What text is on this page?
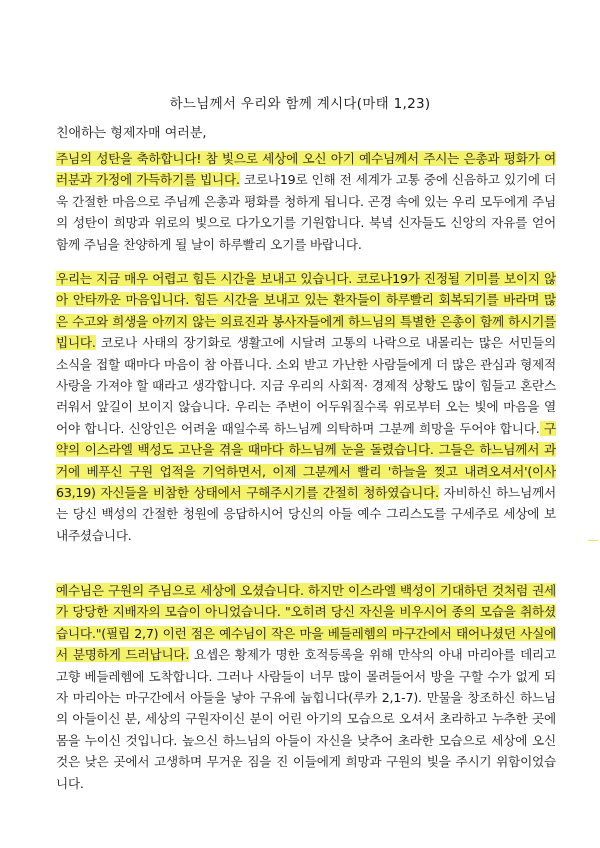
하느님께서 우리와 함께 계시다(마태 1,23)
친애하는 형제자매 여러분,
주님의 성탄을 축하합니다! 참 빛으로 세상에 오신 아기 예수님께서 주시는 은총과 평화가 여러분과 가정에 가득하기를 빕니다. 코로나19로 인해 전 세계가 고통 중에 신음하고 있기에 더욱 간절한 마음으로 주님께 은총과 평화를 청하게 됩니다. 곤경 속에 있는 우리 모두에게 주님의 성탄이 희망과 위로의 빛으로 다가오기를 기원합니다. 북녘 신자들도 신앙의 자유를 얻어 함께 주님을 찬양하게 될 날이 하루빨리 오기를 바랍니다.
우리는 지금 매우 어렵고 힘든 시간을 보내고 있습니다. 코로나19가 진정될 기미를 보이지 않아 안타까운 마음입니다. 힘든 시간을 보내고 있는 환자들이 하루빨리 회복되기를 바라며 많은 수고와 희생을 아끼지 않는 의료진과 봉사자들에게 하느님의 특별한 은총이 함께 하시기를 빕니다. 코로나 사태의 장기화로 생활고에 시달려 고통의 나락으로 내몰리는 많은 서민들의 소식을 접할 때마다 마음이 참 아픕니다. 소외 받고 가난한 사람들에게 더 많은 관심과 형제적 사랑을 가져야 할 때라고 생각합니다. 지금 우리의 사회적· 경제적 상황도 많이 힘들고 혼란스러워서 앞길이 보이지 않습니다. 우리는 주변이 어두워질수록 위로부터 오는 빛에 마음을 열어야 합니다. 신앙인은 어려울 때일수록 하느님께 의탁하며 그분께 희망을 두어야 합니다. 구약의 이스라엘 백성도 고난을 겪을 때마다 하느님께 눈을 돌렸습니다. 그들은 하느님께서 과거에 베푸신 구원 업적을 기억하면서, 이제 그분께서 빨리 '하늘을 찢고 내려오셔서'(이사 63,19) 자신들을 비참한 상태에서 구해주시기를 간절히 청하였습니다. 자비하신 하느님께서는 당신 백성의 간절한 청원에 응답하시어 당신의 아들 예수 그리스도를 구세주로 세상에 보내주셨습니다.
예수님은 구원의 주님으로 세상에 오셨습니다. 하지만 이스라엘 백성이 기대하던 것처럼 권세가 당당한 지배자의 모습이 아니었습니다. "오히려 당신 자신을 비우시어 종의 모습을 취하셨습니다."(필립 2,7) 이런 점은 예수님이 작은 마을 베들레헴의 마구간에서 태어나셨던 사실에서 분명하게 드러납니다. 요셉은 황제가 명한 호적등록을 위해 만삭의 아내 마리아를 데리고 고향 베들레헴에 도착합니다. 그러나 사람들이 너무 많이 몰려들어서 방을 구할 수가 없게 되자 마리아는 마구간에서 아들을 낳아 구유에 눕힙니다(루카 2,1-7). 만물을 창조하신 하느님의 아들이신 분, 세상의 구원자이신 분이 어린 아기의 모습으로 오셔서 초라하고 누추한 곳에 몸을 누이신 것입니다. 높으신 하느님의 아들이 자신을 낮추어 초라한 모습으로 세상에 오신 것은 낮은 곳에서 고생하며 무거운 짐을 진 이들에게 희망과 구원의 빛을 주시기 위함이었습니다.
